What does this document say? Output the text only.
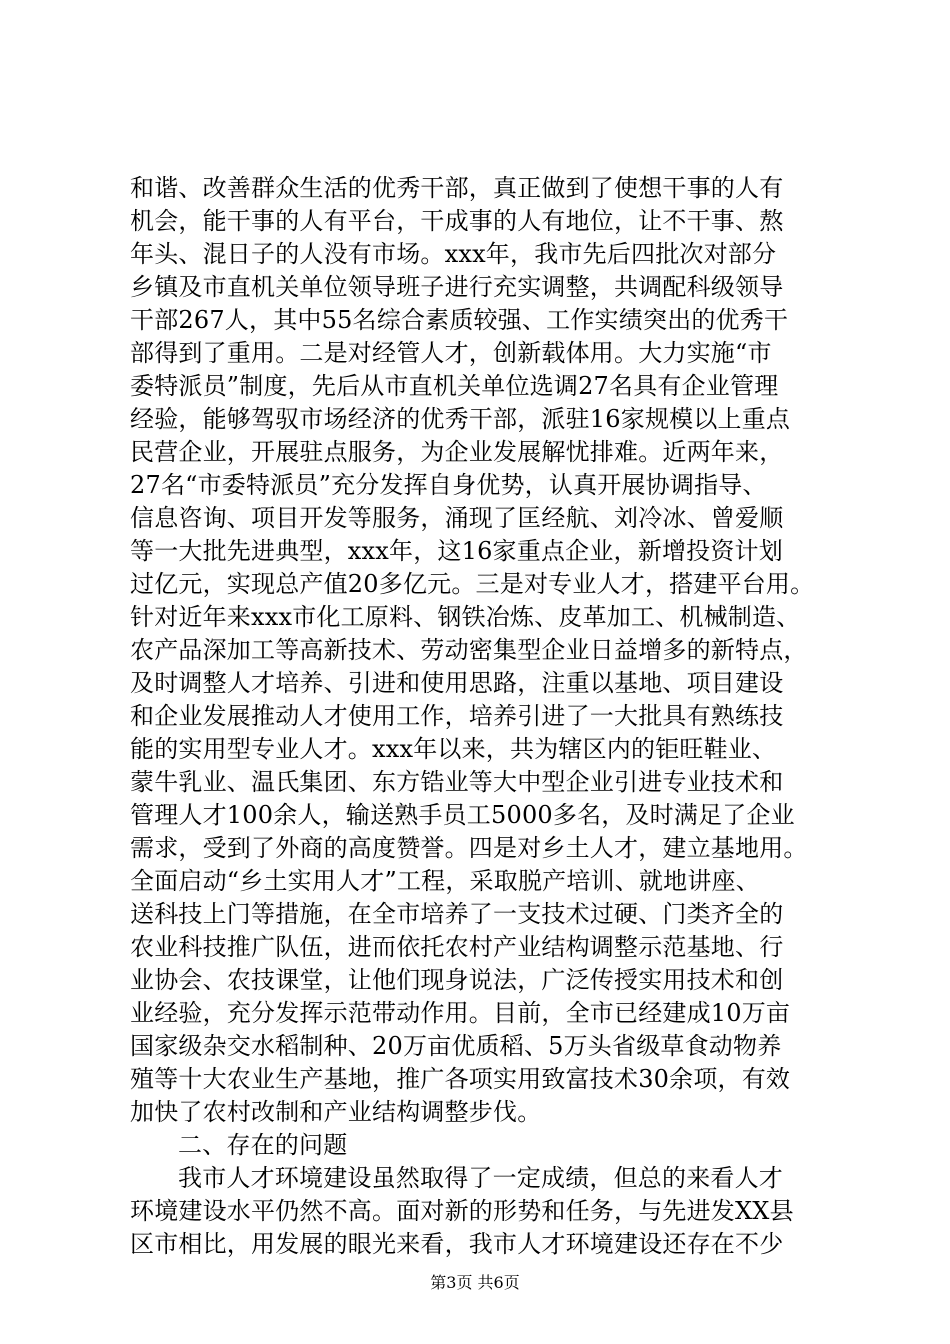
和谐、改善群众生活的优秀干部，真正做到了使想干事的人有
机会，能干事的人有平台，干成事的人有地位，让不干事、熬
年头、混日子的人没有市场。xxx年，我市先后四批次对部分
乡镇及市直机关单位领导班子进行充实调整，共调配科级领导
干部267人，其中55名综合素质较强、工作实绩突出的优秀干
部得到了重用。二是对经管人才，创新载体用。大力实施“市
委特派员”制度，先后从市直机关单位选调27名具有企业管理
经验，能够驾驭市场经济的优秀干部，派驻16家规模以上重点
民营企业，开展驻点服务，为企业发展解忧排难。近两年来，
27名“市委特派员”充分发挥自身优势，认真开展协调指导、
信息咨询、项目开发等服务，涌现了匡经航、刘冷冰、曾爱顺
等一大批先进典型，xxx年，这16家重点企业，新增投资计划
过亿元，实现总产值20多亿元。三是对专业人才，搭建平台用。
针对近年来xxx市化工原料、钢铁冶炼、皮革加工、机械制造、
农产品深加工等高新技术、劳动密集型企业日益增多的新特点，
及时调整人才培养、引进和使用思路，注重以基地、项目建设
和企业发展推动人才使用工作，培养引进了一大批具有熟练技
能的实用型专业人才。xxx年以来，共为辖区内的钜旺鞋业、
蒙牛乳业、温氏集团、东方锆业等大中型企业引进专业技术和
管理人才100余人，输送熟手员工5000多名，及时满足了企业
需求，受到了外商的高度赞誉。四是对乡土人才，建立基地用。
全面启动“乡土实用人才”工程，采取脱产培训、就地讲座、
送科技上门等措施，在全市培养了一支技术过硬、门类齐全的
农业科技推广队伍，进而依托农村产业结构调整示范基地、行
业协会、农技课堂，让他们现身说法，广泛传授实用技术和创
业经验，充分发挥示范带动作用。目前，全市已经建成10万亩
国家级杂交水稻制种、20万亩优质稻、5万头省级草食动物养
殖等十大农业生产基地，推广各项实用致富技术30余项，有效
加快了农村改制和产业结构调整步伐。
二、存在的问题
我市人才环境建设虽然取得了一定成绩，但总的来看人才
环境建设水平仍然不高。面对新的形势和任务，与先进发XX县
区市相比，用发展的眼光来看，我市人才环境建设还存在不少
第3页 共6页
